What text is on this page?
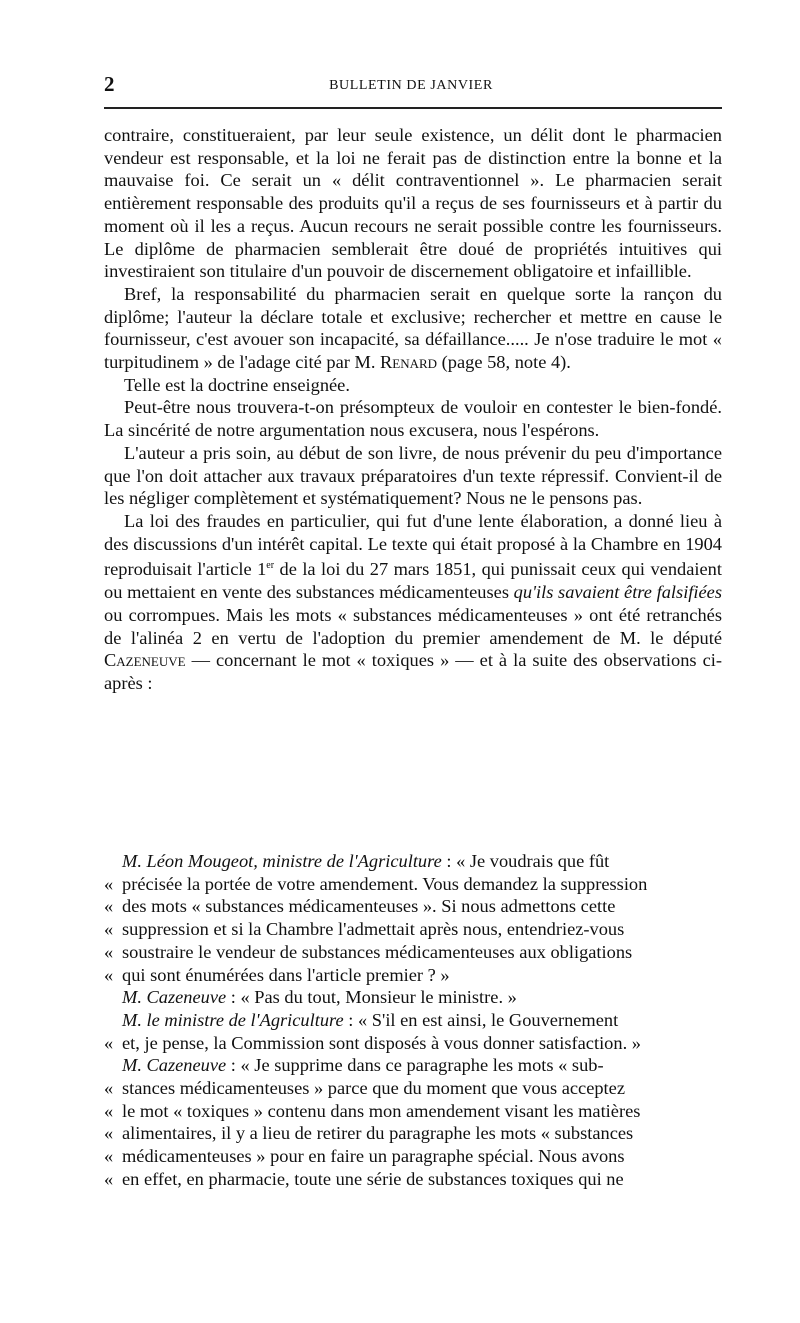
2	BULLETIN DE JANVIER

contraire, constitueraient, par leur seule existence, un délit dont le pharmacien vendeur est responsable, et la loi ne ferait pas de distinction entre la bonne et la mauvaise foi. Ce serait un « délit contraventionnel ». Le pharmacien serait entièrement responsable des produits qu'il a reçus de ses fournisseurs et à partir du moment où il les a reçus. Aucun recours ne serait possible contre les fournisseurs. Le diplôme de pharmacien semblerait être doué de propriétés intuitives qui investiraient son titulaire d'un pouvoir de discernement obligatoire et infaillible.

Bref, la responsabilité du pharmacien serait en quelque sorte la rançon du diplôme; l'auteur la déclare totale et exclusive; rechercher et mettre en cause le fournisseur, c'est avouer son incapacité, sa défaillance..... Je n'ose traduire le mot « turpitudinem » de l'adage cité par M. Renard (page 58, note 4).

Telle est la doctrine enseignée.

Peut-être nous trouvera-t-on présompteux de vouloir en contester le bien-fondé. La sincérité de notre argumentation nous excusera, nous l'espérons.

L'auteur a pris soin, au début de son livre, de nous prévenir du peu d'importance que l'on doit attacher aux travaux préparatoires d'un texte répressif. Convient-il de les négliger complètement et systématiquement? Nous ne le pensons pas.

La loi des fraudes en particulier, qui fut d'une lente élaboration, a donné lieu à des discussions d'un intérêt capital. Le texte qui était proposé à la Chambre en 1904 reproduisait l'article 1er de la loi du 27 mars 1851, qui punissait ceux qui vendaient ou mettaient en vente des substances médicamenteuses qu'ils savaient être falsifiées ou corrompues. Mais les mots « substances médicamenteuses » ont été retranchés de l'alinéa 2 en vertu de l'adoption du premier amendement de M. le député Cazeneuve — concernant le mot « toxiques » — et à la suite des observations ci-après :

M. Léon Mougeot, ministre de l'Agriculture : « Je voudrais que fût

« précisée la portée de votre amendement. Vous demandez la suppression

« des mots « substances médicamenteuses ». Si nous admettons cette

« suppression et si la Chambre l'admettait après nous, entendriez-vous

« soustraire le vendeur de substances médicamenteuses aux obligations

« qui sont énumérées dans l'article premier ? »

M. Cazeneuve : « Pas du tout, Monsieur le ministre. »

M. le ministre de l'Agriculture : « S'il en est ainsi, le Gouvernement

« et, je pense, la Commission sont disposés à vous donner satisfaction. »

M. Cazeneuve : « Je supprime dans ce paragraphe les mots « sub-

« stances médicamenteuses » parce que du moment que vous acceptez

« le mot « toxiques » contenu dans mon amendement visant les matières

« alimentaires, il y a lieu de retirer du paragraphe les mots « substances

« médicamenteuses » pour en faire un paragraphe spécial. Nous avons

« en effet, en pharmacie, toute une série de substances toxiques qui ne
